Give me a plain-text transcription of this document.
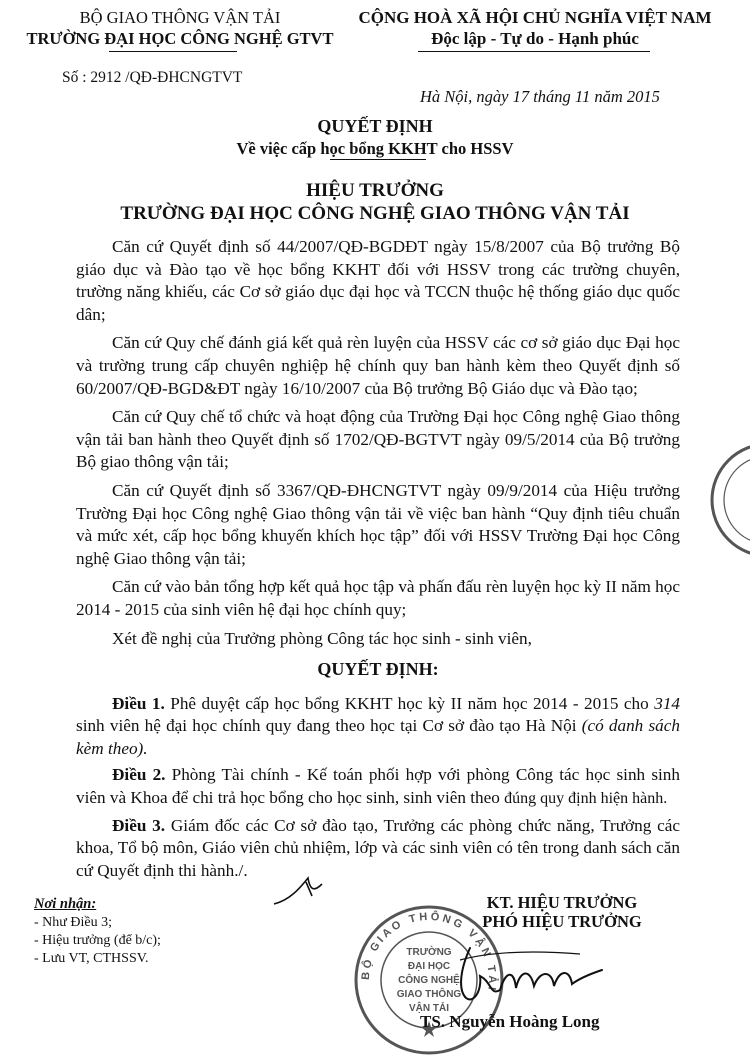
BỘ GIAO THÔNG VẬN TẢI
TRƯỜNG ĐẠI HỌC CÔNG NGHỆ GTVT
CỘNG HOÀ XÃ HỘI CHỦ NGHĨA VIỆT NAM
Độc lập - Tự do - Hạnh phúc
Số : 2912 /QĐ-ĐHCNGTVT
Hà Nội, ngày 17 tháng 11 năm 2015
QUYẾT ĐỊNH
Về việc cấp học bổng KKHT cho HSSV
HIỆU TRƯỞNG
TRƯỜNG ĐẠI HỌC CÔNG NGHỆ GIAO THÔNG VẬN TẢI

Căn cứ Quyết định số 44/2007/QĐ-BGDĐT ngày 15/8/2007 của Bộ trưởng Bộ giáo dục và Đào tạo về học bổng KKHT đối với HSSV trong các trường chuyên, trường năng khiếu, các Cơ sở giáo dục đại học và TCCN thuộc hệ thống giáo dục quốc dân;

Căn cứ Quy chế đánh giá kết quả rèn luyện của HSSV các cơ sở giáo dục Đại học và trường trung cấp chuyên nghiệp hệ chính quy ban hành kèm theo Quyết định số 60/2007/QĐ-BGD&ĐT ngày 16/10/2007 của Bộ trưởng Bộ Giáo dục và Đào tạo;

Căn cứ Quy chế tổ chức và hoạt động của Trường Đại học Công nghệ Giao thông vận tải ban hành theo Quyết định số 1702/QĐ-BGTVT ngày 09/5/2014 của Bộ trưởng Bộ giao thông vận tải;

Căn cứ Quyết định số 3367/QĐ-ĐHCNGTVT ngày 09/9/2014 của Hiệu trưởng Trường Đại học Công nghệ Giao thông vận tải về việc ban hành “Quy định tiêu chuẩn và mức xét, cấp học bổng khuyến khích học tập” đối với HSSV Trường Đại học Công nghệ Giao thông vận tải;

Căn cứ vào bản tổng hợp kết quả học tập và phấn đấu rèn luyện học kỳ II năm học 2014 - 2015 của sinh viên hệ đại học chính quy;

Xét đề nghị của Trưởng phòng Công tác học sinh - sinh viên,

QUYẾT ĐỊNH:

Điều 1. Phê duyệt cấp học bổng KKHT học kỳ II năm học 2014 - 2015 cho 314 sinh viên hệ đại học chính quy đang theo học tại Cơ sở đào tạo Hà Nội (có danh sách kèm theo).

Điều 2. Phòng Tài chính - Kế toán phối hợp với phòng Công tác học sinh sinh viên và Khoa để chi trả học bổng cho học sinh, sinh viên theo đúng quy định hiện hành.

Điều 3. Giám đốc các Cơ sở đào tạo, Trưởng các phòng chức năng, Trưởng các khoa, Tổ bộ môn, Giáo viên chủ nhiệm, lớp và các sinh viên có tên trong danh sách căn cứ Quyết định thi hành./.

Nơi nhận:
- Như Điều 3;
- Hiệu trưởng (để b/c);
- Lưu VT, CTHSSV.
KT. HIỆU TRƯỞNG
PHÓ HIỆU TRƯỞNG
BỘ GIAO THÔNG VẬN TẢI
TRƯỜNG
ĐẠI HỌC
CÔNG NGHỆ
GIAO THÔNG
VẬN TẢI
TS. Nguyễn Hoàng Long
